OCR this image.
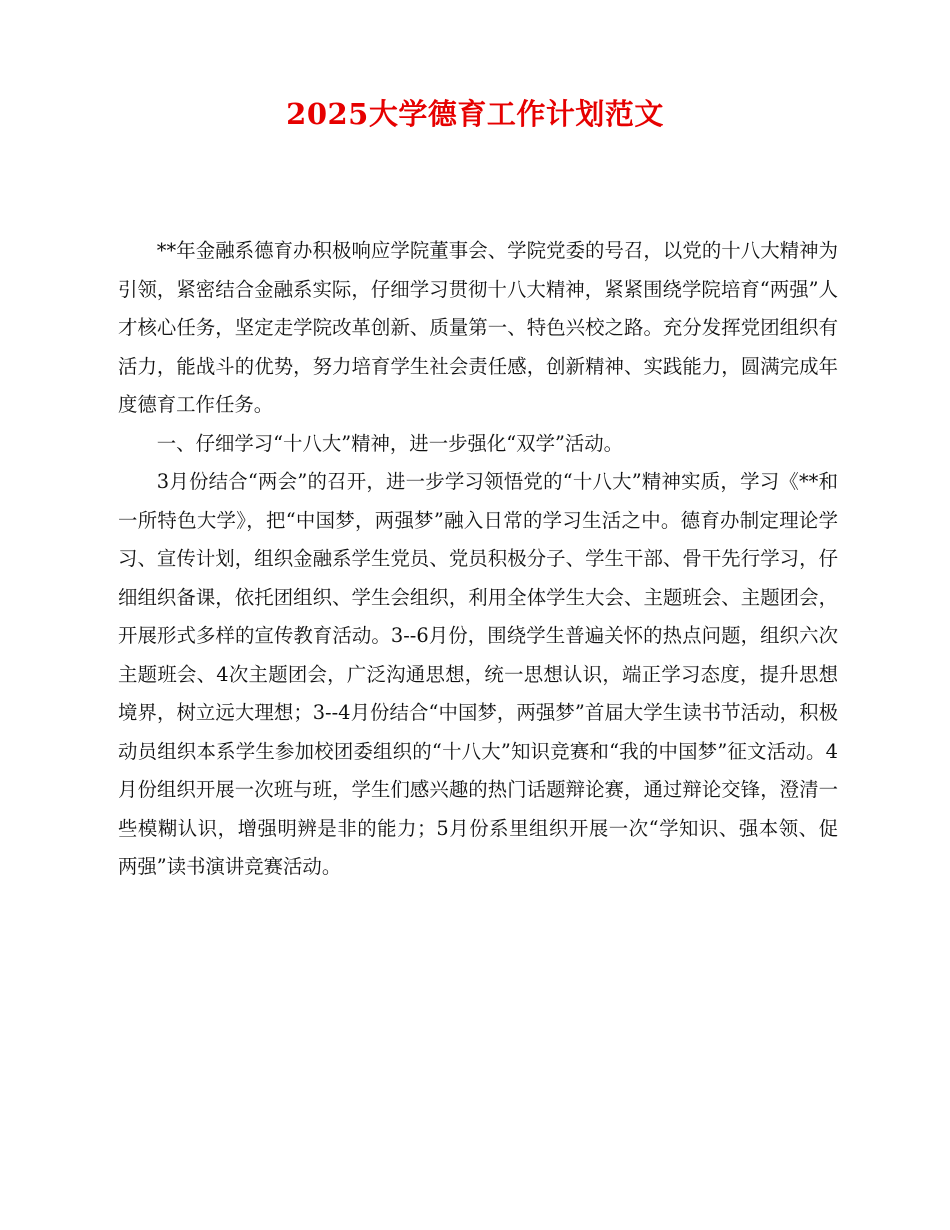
2025大学德育工作计划范文

**年金融系德育办积极响应学院董事会、学院党委的号召，以党的十八大精神为引领，紧密结合金融系实际，仔细学习贯彻十八大精神，紧紧围绕学院培育“两强”人才核心任务，坚定走学院改革创新、质量第一、特色兴校之路。充分发挥党团组织有活力，能战斗的优势，努力培育学生社会责任感，创新精神、实践能力，圆满完成年度德育工作任务。

一、仔细学习“十八大”精神，进一步强化“双学”活动。

3月份结合“两会”的召开，进一步学习领悟党的“十八大”精神实质，学习《**和一所特色大学》，把“中国梦，两强梦”融入日常的学习生活之中。德育办制定理论学习、宣传计划，组织金融系学生党员、党员积极分子、学生干部、骨干先行学习，仔细组织备课，依托团组织、学生会组织，利用全体学生大会、主题班会、主题团会，开展形式多样的宣传教育活动。3--6月份，围绕学生普遍关怀的热点问题，组织六次主题班会、4次主题团会，广泛沟通思想，统一思想认识，端正学习态度，提升思想境界，树立远大理想；3--4月份结合“中国梦，两强梦”首届大学生读书节活动，积极动员组织本系学生参加校团委组织的“十八大”知识竞赛和“我的中国梦”征文活动。4月份组织开展一次班与班，学生们感兴趣的热门话题辩论赛，通过辩论交锋，澄清一些模糊认识，增强明辨是非的能力；5月份系里组织开展一次“学知识、强本领、促两强”读书演讲竞赛活动。
